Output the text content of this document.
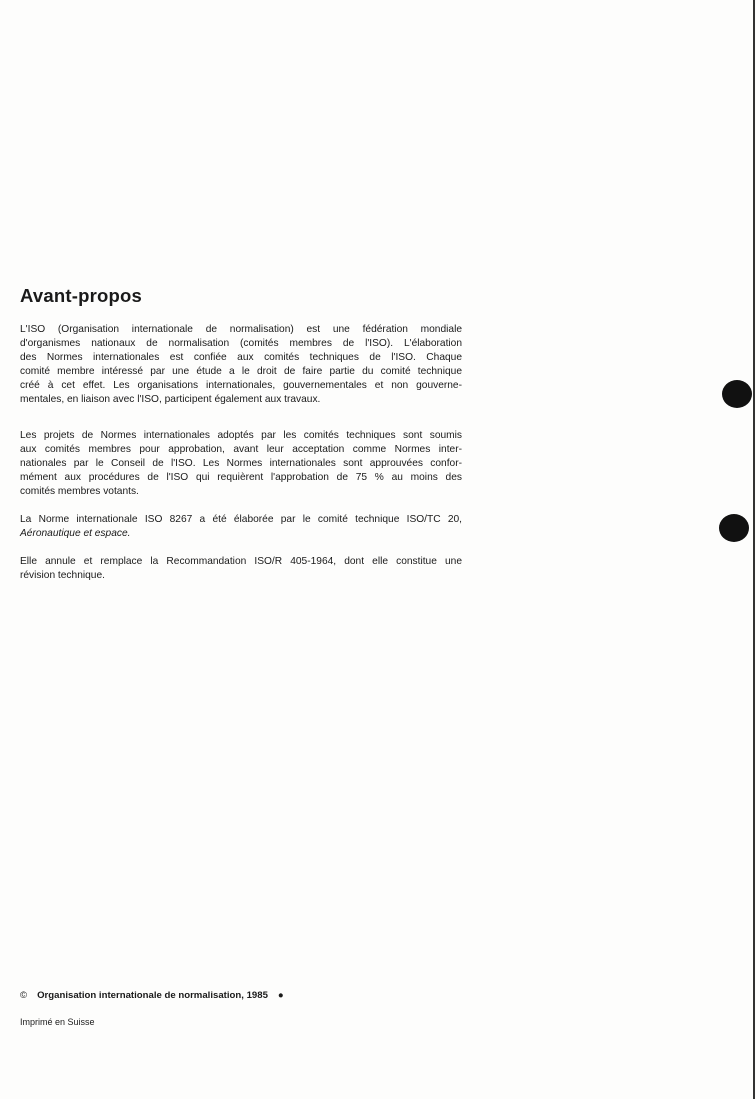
Avant-propos
L'ISO (Organisation internationale de normalisation) est une fédération mondiale
d'organismes nationaux de normalisation (comités membres de l'ISO). L'élaboration
des Normes internationales est confiée aux comités techniques de l'ISO. Chaque
comité membre intéressé par une étude a le droit de faire partie du comité technique
créé à cet effet. Les organisations internationales, gouvernementales et non gouverne-
mentales, en liaison avec l'ISO, participent également aux travaux.
Les projets de Normes internationales adoptés par les comités techniques sont soumis
aux comités membres pour approbation, avant leur acceptation comme Normes inter-
nationales par le Conseil de l'ISO. Les Normes internationales sont approuvées confor-
mément aux procédures de l'ISO qui requièrent l'approbation de 75 % au moins des
comités membres votants.
La Norme internationale ISO 8267 a été élaborée par le comité technique ISO/TC 20,
Aéronautique et espace.
Elle annule et remplace la Recommandation ISO/R 405-1964, dont elle constitue une
révision technique.
© Organisation internationale de normalisation, 1985 ●
Imprimé en Suisse
